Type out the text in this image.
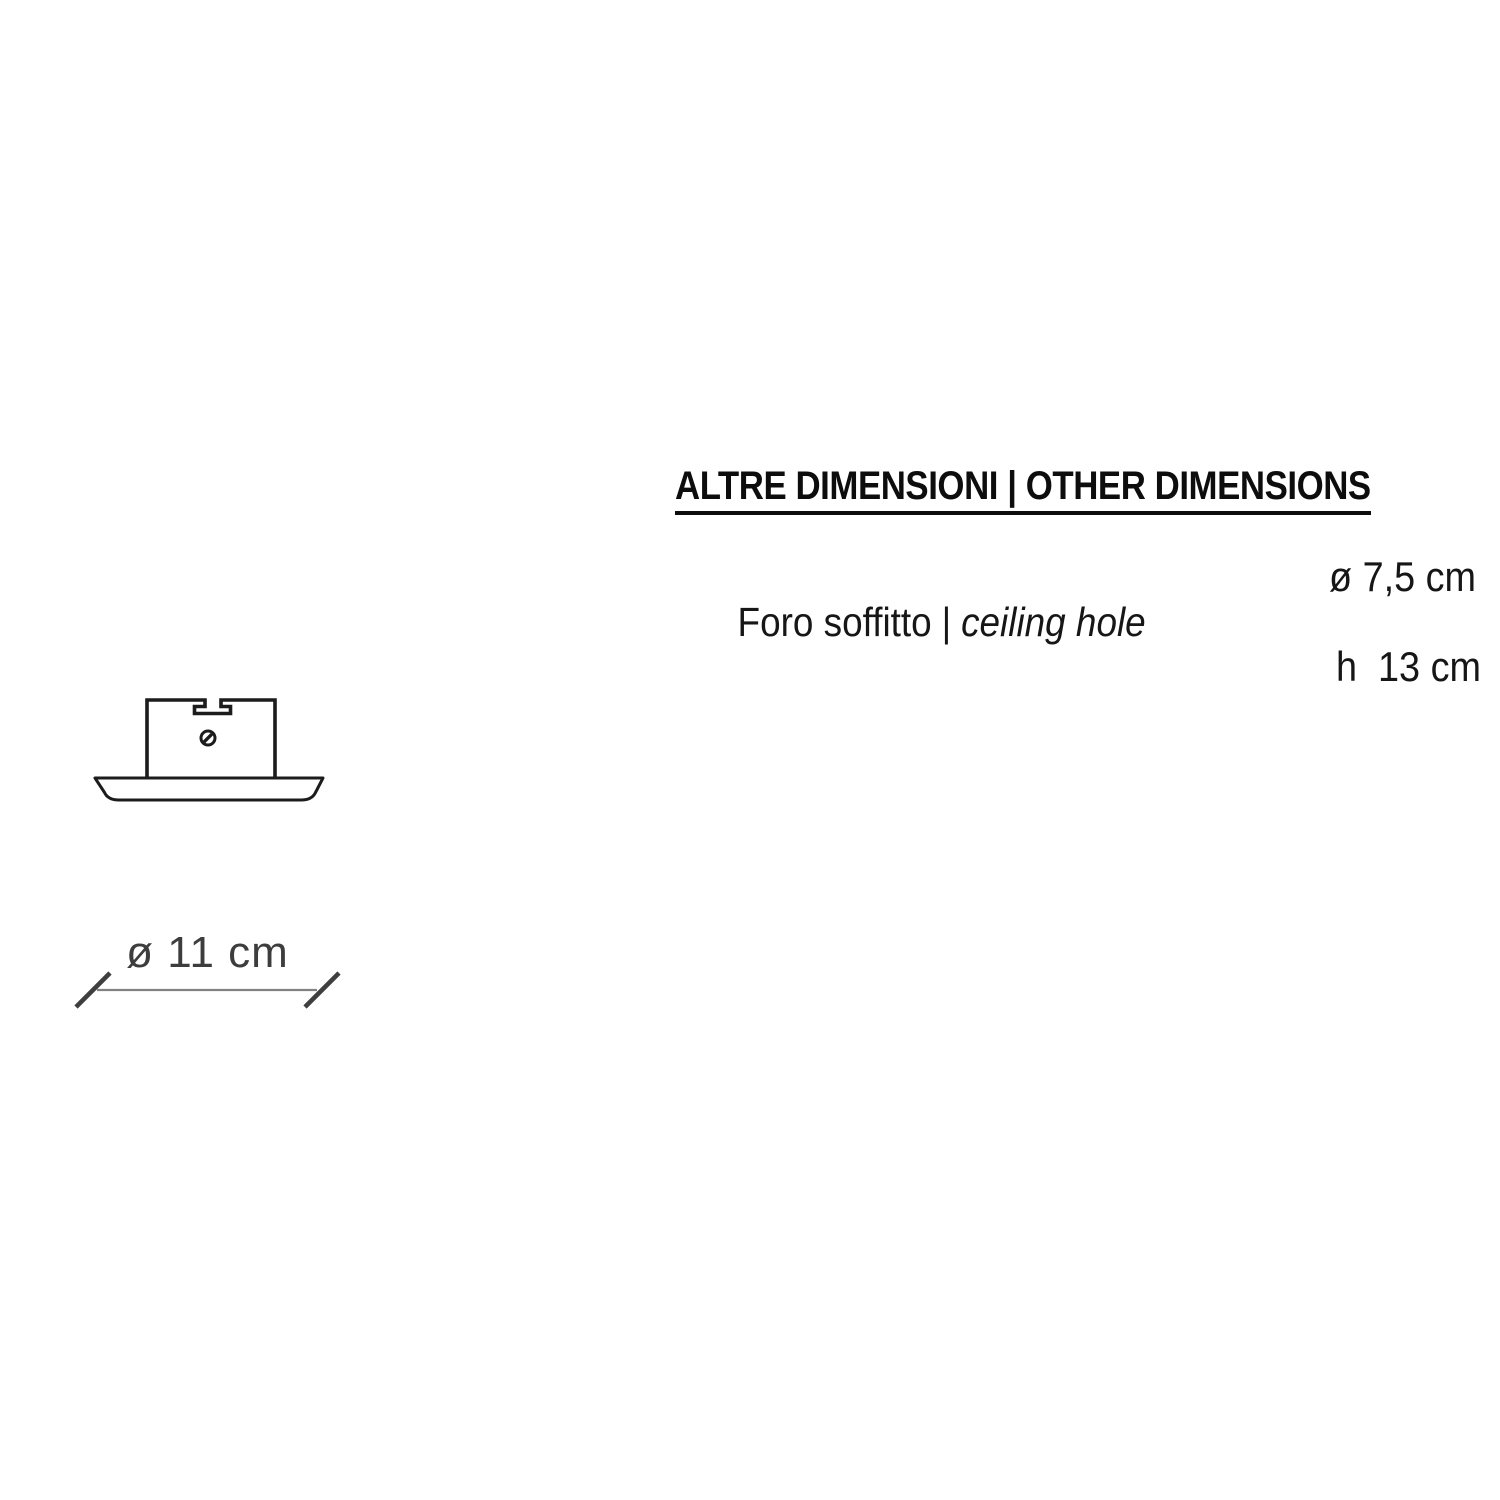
ALTRE DIMENSIONI | OTHER DIMENSIONS

Foro soffitto | ceiling hole

ø 7,5 cm

h  13 cm

ø 11 cm
